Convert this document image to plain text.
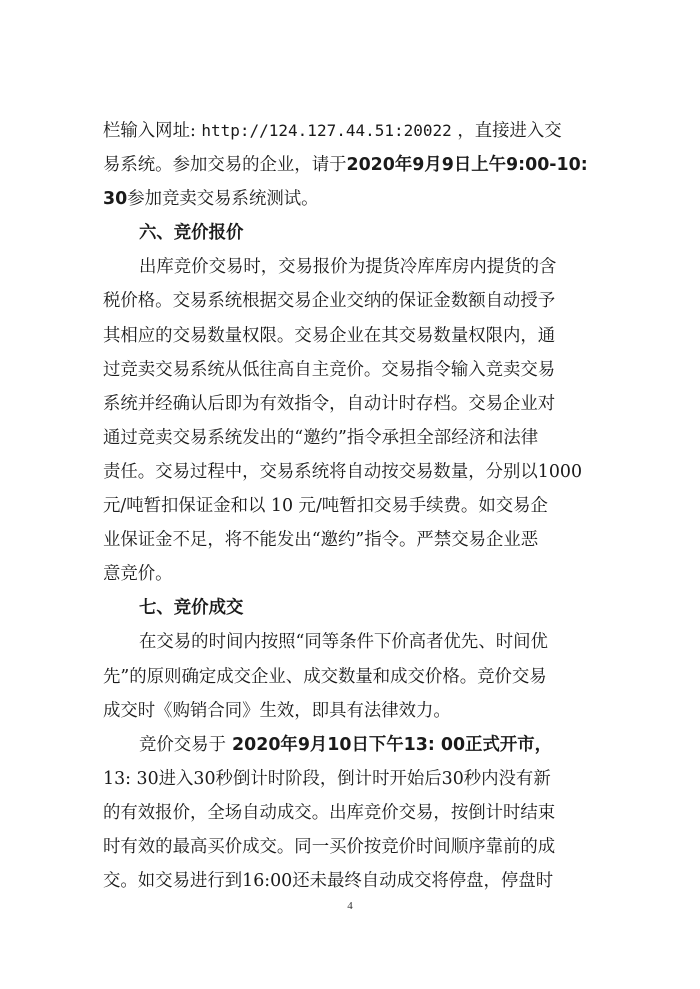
栏输入网址: http://124.127.44.51:20022 ，直接进入交
易系统。参加交易的企业，请于2020年9月9日上午9:00-10:
30参加竞卖交易系统测试。
六、竞价报价
出库竞价交易时，交易报价为提货冷库库房内提货的含
税价格。交易系统根据交易企业交纳的保证金数额自动授予
其相应的交易数量权限。交易企业在其交易数量权限内，通
过竞卖交易系统从低往高自主竞价。交易指令输入竞卖交易
系统并经确认后即为有效指令，自动计时存档。交易企业对
通过竞卖交易系统发出的“邀约”指令承担全部经济和法律
责任。交易过程中，交易系统将自动按交易数量，分别以1000
元/吨暂扣保证金和以 10 元/吨暂扣交易手续费。如交易企
业保证金不足，将不能发出“邀约”指令。严禁交易企业恶
意竞价。
七、竞价成交
在交易的时间内按照“同等条件下价高者优先、时间优
先”的原则确定成交企业、成交数量和成交价格。竞价交易
成交时《购销合同》生效，即具有法律效力。
竞价交易于 2020年9月10日下午13: 00正式开市，
13: 30进入30秒倒计时阶段，倒计时开始后30秒内没有新
的有效报价，全场自动成交。出库竞价交易，按倒计时结束
时有效的最高买价成交。同一买价按竞价时间顺序靠前的成
交。如交易进行到16:00还未最终自动成交将停盘，停盘时
4
